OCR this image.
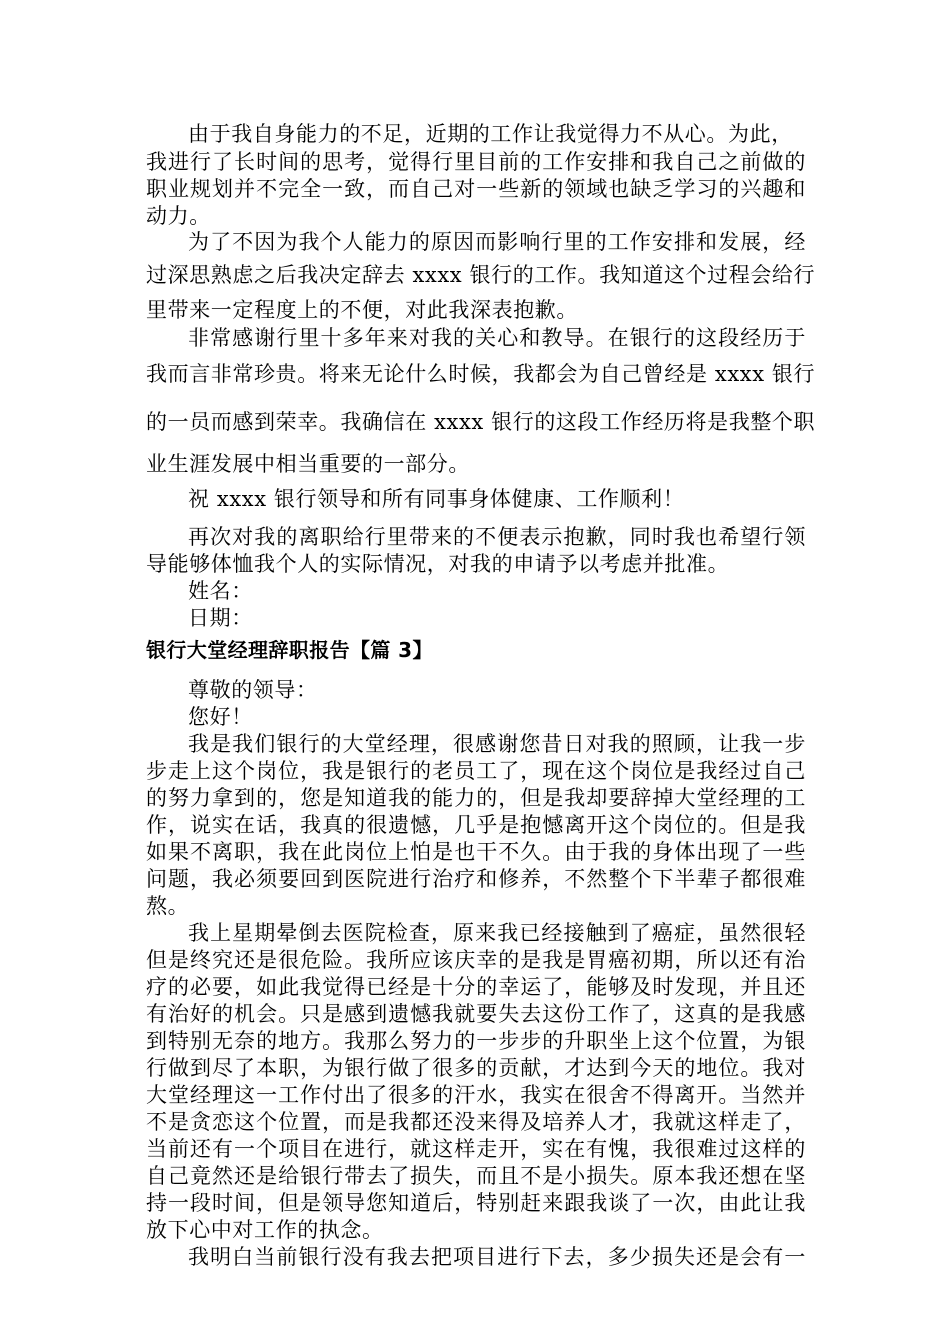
由于我自身能力的不足，近期的工作让我觉得力不从心。为此，
我进行了长时间的思考，觉得行里目前的工作安排和我自己之前做的
职业规划并不完全一致，而自己对一些新的领域也缺乏学习的兴趣和
动力。
为了不因为我个人能力的原因而影响行里的工作安排和发展，经
过深思熟虑之后我决定辞去 xxxx 银行的工作。我知道这个过程会给行
里带来一定程度上的不便，对此我深表抱歉。
非常感谢行里十多年来对我的关心和教导。在银行的这段经历于
我而言非常珍贵。将来无论什么时候，我都会为自己曾经是 xxxx 银行
的一员而感到荣幸。我确信在 xxxx 银行的这段工作经历将是我整个职
业生涯发展中相当重要的一部分。
祝 xxxx 银行领导和所有同事身体健康、工作顺利！
再次对我的离职给行里带来的不便表示抱歉，同时我也希望行领
导能够体恤我个人的实际情况，对我的申请予以考虑并批准。
姓名：
日期：
银行大堂经理辞职报告【篇 3】
尊敬的领导：
您好！
我是我们银行的大堂经理，很感谢您昔日对我的照顾，让我一步
步走上这个岗位，我是银行的老员工了，现在这个岗位是我经过自己
的努力拿到的，您是知道我的能力的，但是我却要辞掉大堂经理的工
作，说实在话，我真的很遗憾，几乎是抱憾离开这个岗位的。但是我
如果不离职，我在此岗位上怕是也干不久。由于我的身体出现了一些
问题，我必须要回到医院进行治疗和修养，不然整个下半辈子都很难
熬。
我上星期晕倒去医院检查，原来我已经接触到了癌症，虽然很轻
但是终究还是很危险。我所应该庆幸的是我是胃癌初期，所以还有治
疗的必要，如此我觉得已经是十分的幸运了，能够及时发现，并且还
有治好的机会。只是感到遗憾我就要失去这份工作了，这真的是我感
到特别无奈的地方。我那么努力的一步步的升职坐上这个位置，为银
行做到尽了本职，为银行做了很多的贡献，才达到今天的地位。我对
大堂经理这一工作付出了很多的汗水，我实在很舍不得离开。当然并
不是贪恋这个位置，而是我都还没来得及培养人才，我就这样走了，
当前还有一个项目在进行，就这样走开，实在有愧，我很难过这样的
自己竟然还是给银行带去了损失，而且不是小损失。原本我还想在坚
持一段时间，但是领导您知道后，特别赶来跟我谈了一次，由此让我
放下心中对工作的执念。
我明白当前银行没有我去把项目进行下去，多少损失还是会有一
